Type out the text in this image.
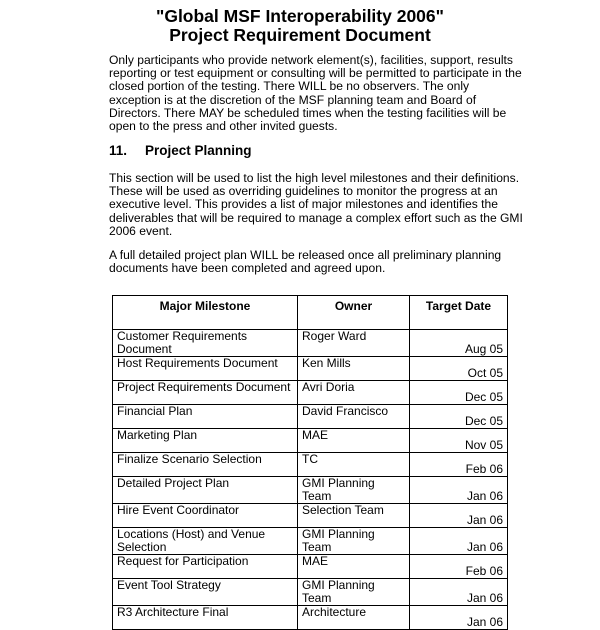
"Global MSF Interoperability 2006"
Project Requirement Document

Only participants who provide network element(s), facilities, support, results
reporting or test equipment or consulting will be permitted to participate in the
closed portion of the testing. There WILL be no observers. The only
exception is at the discretion of the MSF planning team and Board of
Directors. There MAY be scheduled times when the testing facilities will be
open to the press and other invited guests.

11. Project Planning

This section will be used to list the high level milestones and their definitions.
These will be used as overriding guidelines to monitor the progress at an
executive level. This provides a list of major milestones and identifies the
deliverables that will be required to manage a complex effort such as the GMI
2006 event.

A full detailed project plan WILL be released once all preliminary planning
documents have been completed and agreed upon.

Major Milestone	Owner	Target Date
Customer Requirements Document	Roger Ward	Aug 05
Host Requirements Document	Ken Mills	Oct 05
Project Requirements Document	Avri Doria	Dec 05
Financial Plan	David Francisco	Dec 05
Marketing Plan	MAE	Nov 05
Finalize Scenario Selection	TC	Feb 06
Detailed Project Plan	GMI Planning Team	Jan 06
Hire Event Coordinator	Selection Team	Jan 06
Locations (Host) and Venue Selection	GMI Planning Team	Jan 06
Request for Participation	MAE	Feb 06
Event Tool Strategy	GMI Planning Team	Jan 06
R3 Architecture Final	Architecture	Jan 06
